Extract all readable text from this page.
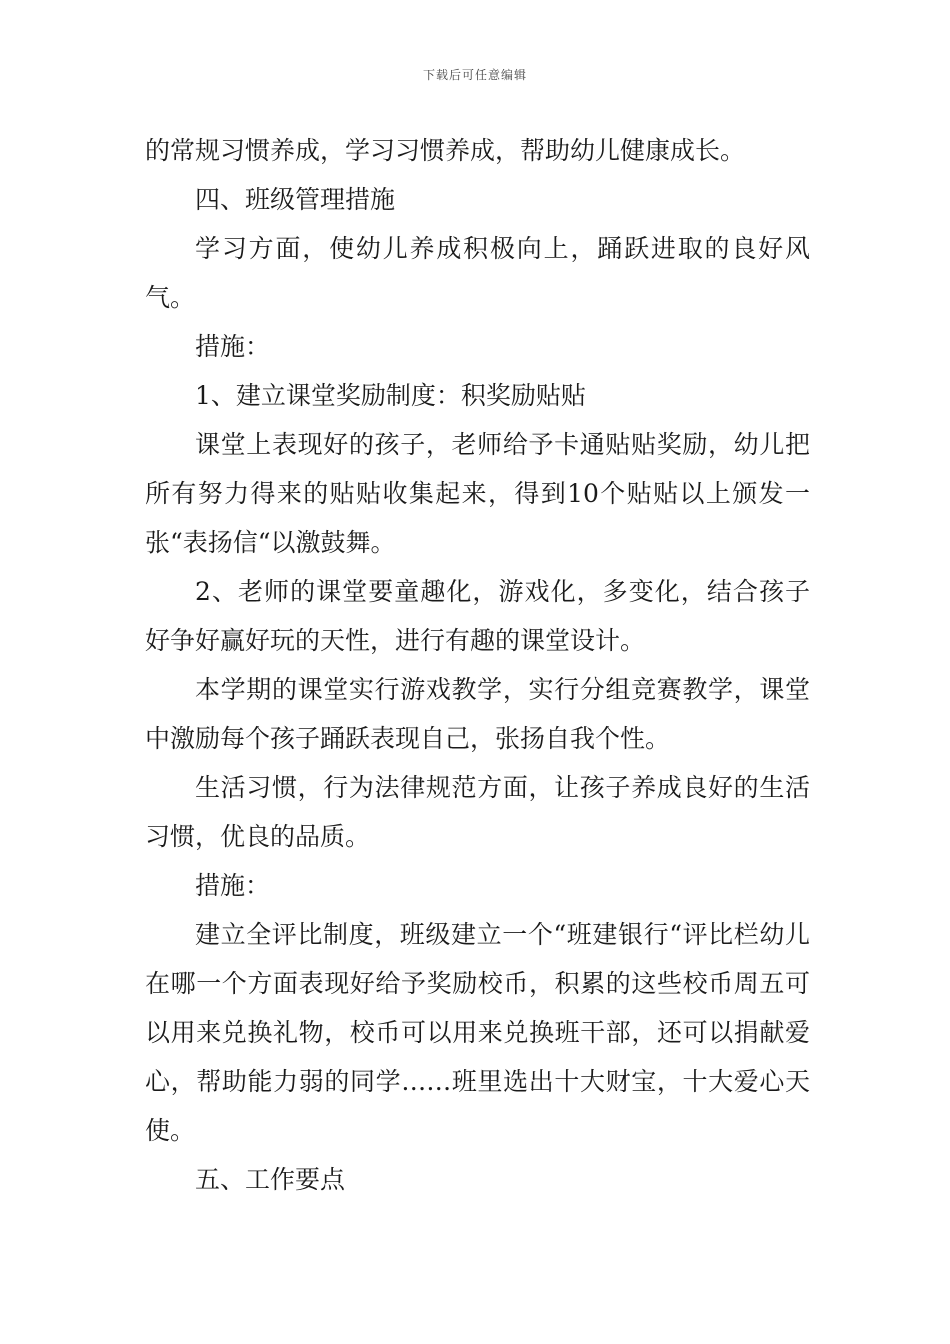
下载后可任意编辑

的常规习惯养成，学习习惯养成，帮助幼儿健康成长。

四、班级管理措施

学习方面，使幼儿养成积极向上，踊跃进取的良好风气。

措施：

1、建立课堂奖励制度：积奖励贴贴

课堂上表现好的孩子，老师给予卡通贴贴奖励，幼儿把所有努力得来的贴贴收集起来，得到10个贴贴以上颁发一张“表扬信“以激鼓舞。

2、老师的课堂要童趣化，游戏化，多变化，结合孩子好争好赢好玩的天性，进行有趣的课堂设计。

本学期的课堂实行游戏教学，实行分组竞赛教学，课堂中激励每个孩子踊跃表现自己，张扬自我个性。

生活习惯，行为法律规范方面，让孩子养成良好的生活习惯，优良的品质。

措施：

建立全评比制度，班级建立一个“班建银行“评比栏幼儿在哪一个方面表现好给予奖励校币，积累的这些校币周五可以用来兑换礼物，校币可以用来兑换班干部，还可以捐献爱心，帮助能力弱的同学……班里选出十大财宝，十大爱心天使。

五、工作要点
